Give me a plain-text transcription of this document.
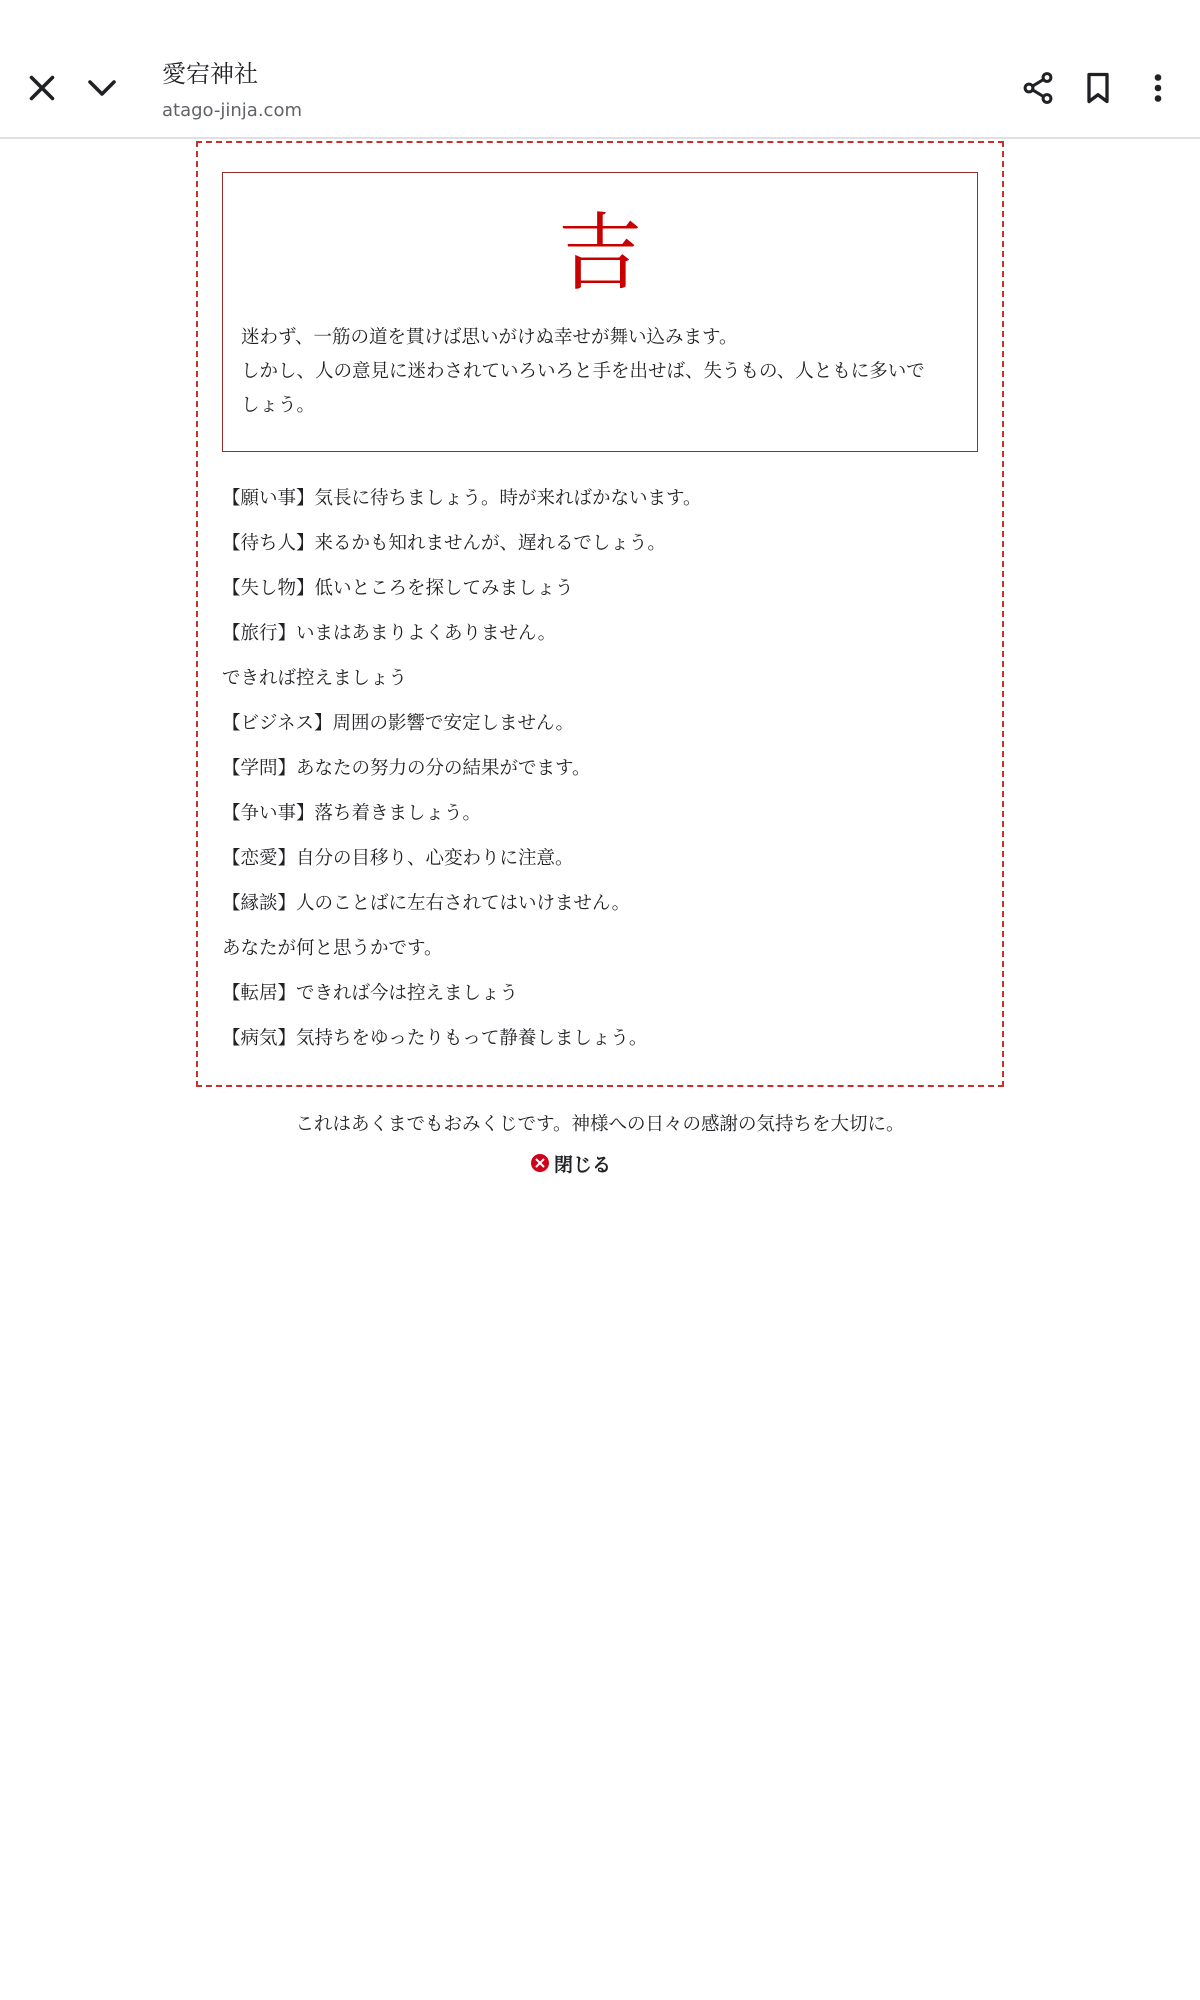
愛宕神社
atago-jinja.com
吉

迷わず、一筋の道を貫けば思いがけぬ幸せが舞い込みます。

しかし、人の意見に迷わされていろいろと手を出せば、失うもの、人ともに多いで

しょう。

【願い事】気長に待ちましょう。時が来ればかないます。
【待ち人】来るかも知れませんが、遅れるでしょう。
【失し物】低いところを探してみましょう
【旅行】いまはあまりよくありません。
できれば控えましょう
【ビジネス】周囲の影響で安定しません。
【学問】あなたの努力の分の結果がでます。
【争い事】落ち着きましょう。
【恋愛】自分の目移り、心変わりに注意。
【縁談】人のことばに左右されてはいけません。
あなたが何と思うかです。
【転居】できれば今は控えましょう
【病気】気持ちをゆったりもって静養しましょう。
これはあくまでもおみくじです。神様への日々の感謝の気持ちを大切に。
閉じる
